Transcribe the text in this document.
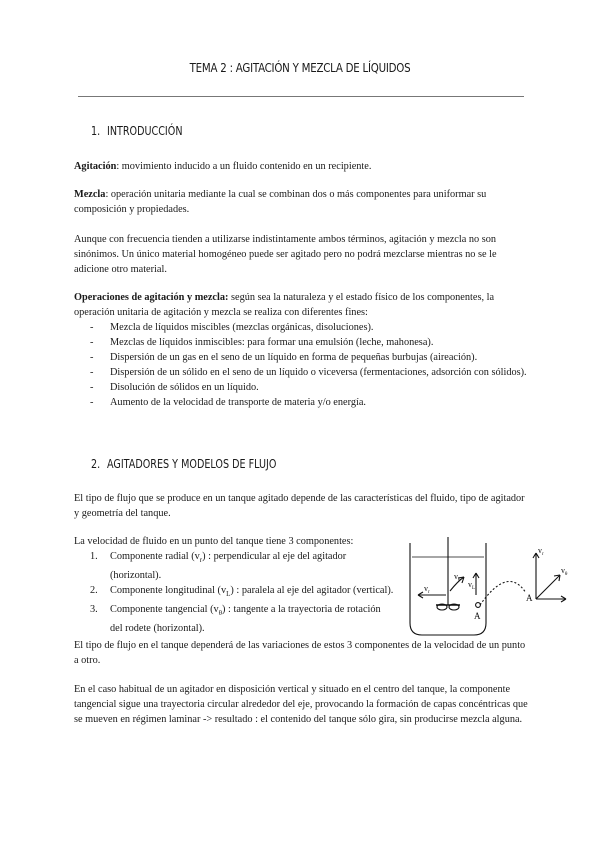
TEMA 2 : AGITACIÓN Y MEZCLA DE LÍQUIDOS
1. INTRODUCCIÓN
Agitación: movimiento inducido a un fluido contenido en un recipiente.
Mezcla: operación unitaria mediante la cual se combinan dos o más componentes para uniformar su composición y propiedades.
Aunque con frecuencia tienden a utilizarse indistintamente ambos términos, agitación y mezcla no son sinónimos. Un único material homogéneo puede ser agitado pero no podrá mezclarse mientras no se le adicione otro material.
Operaciones de agitación y mezcla: según sea la naturaleza y el estado físico de los componentes, la operación unitaria de agitación y mezcla se realiza con diferentes fines:
- Mezcla de líquidos miscibles (mezclas orgánicas, disoluciones).
- Mezclas de líquidos inmiscibles: para formar una emulsión (leche, mahonesa).
- Dispersión de un gas en el seno de un líquido en forma de pequeñas burbujas (aireación).
- Dispersión de un sólido en el seno de un líquido o viceversa (fermentaciones, adsorción con sólidos).
- Disolución de sólidos en un líquido.
- Aumento de la velocidad de transporte de materia y/o energía.
2. AGITADORES Y MODELOS DE FLUJO
El tipo de flujo que se produce en un tanque agitado depende de las características del fluido, tipo de agitador y geometría del tanque.
La velocidad de fluido en un punto del tanque tiene 3 componentes:
1. Componente radial $(v_r)$ : perpendicular al eje del agitador (horizontal).
2. Componente longitudinal $(v_L)$ : paralela al eje del agitador (vertical).
3. Componente tangencial $(v_\theta)$ : tangente a la trayectoria de rotación del rodete (horizontal).
El tipo de flujo en el tanque dependerá de las variaciones de estos 3 componentes de la velocidad de un punto a otro.
En el caso habitual de un agitador en disposición vertical y situado en el centro del tanque, la componente tangencial sigue una trayectoria circular alrededor del eje, provocando la formación de capas concéntricas que se mueven en régimen laminar -> resultado : el contenido del tanque sólo gira, sin producirse mezcla alguna.
$v_r$
$v_\theta$ $v_L$
A
A
$v_r$
$v_\theta$
